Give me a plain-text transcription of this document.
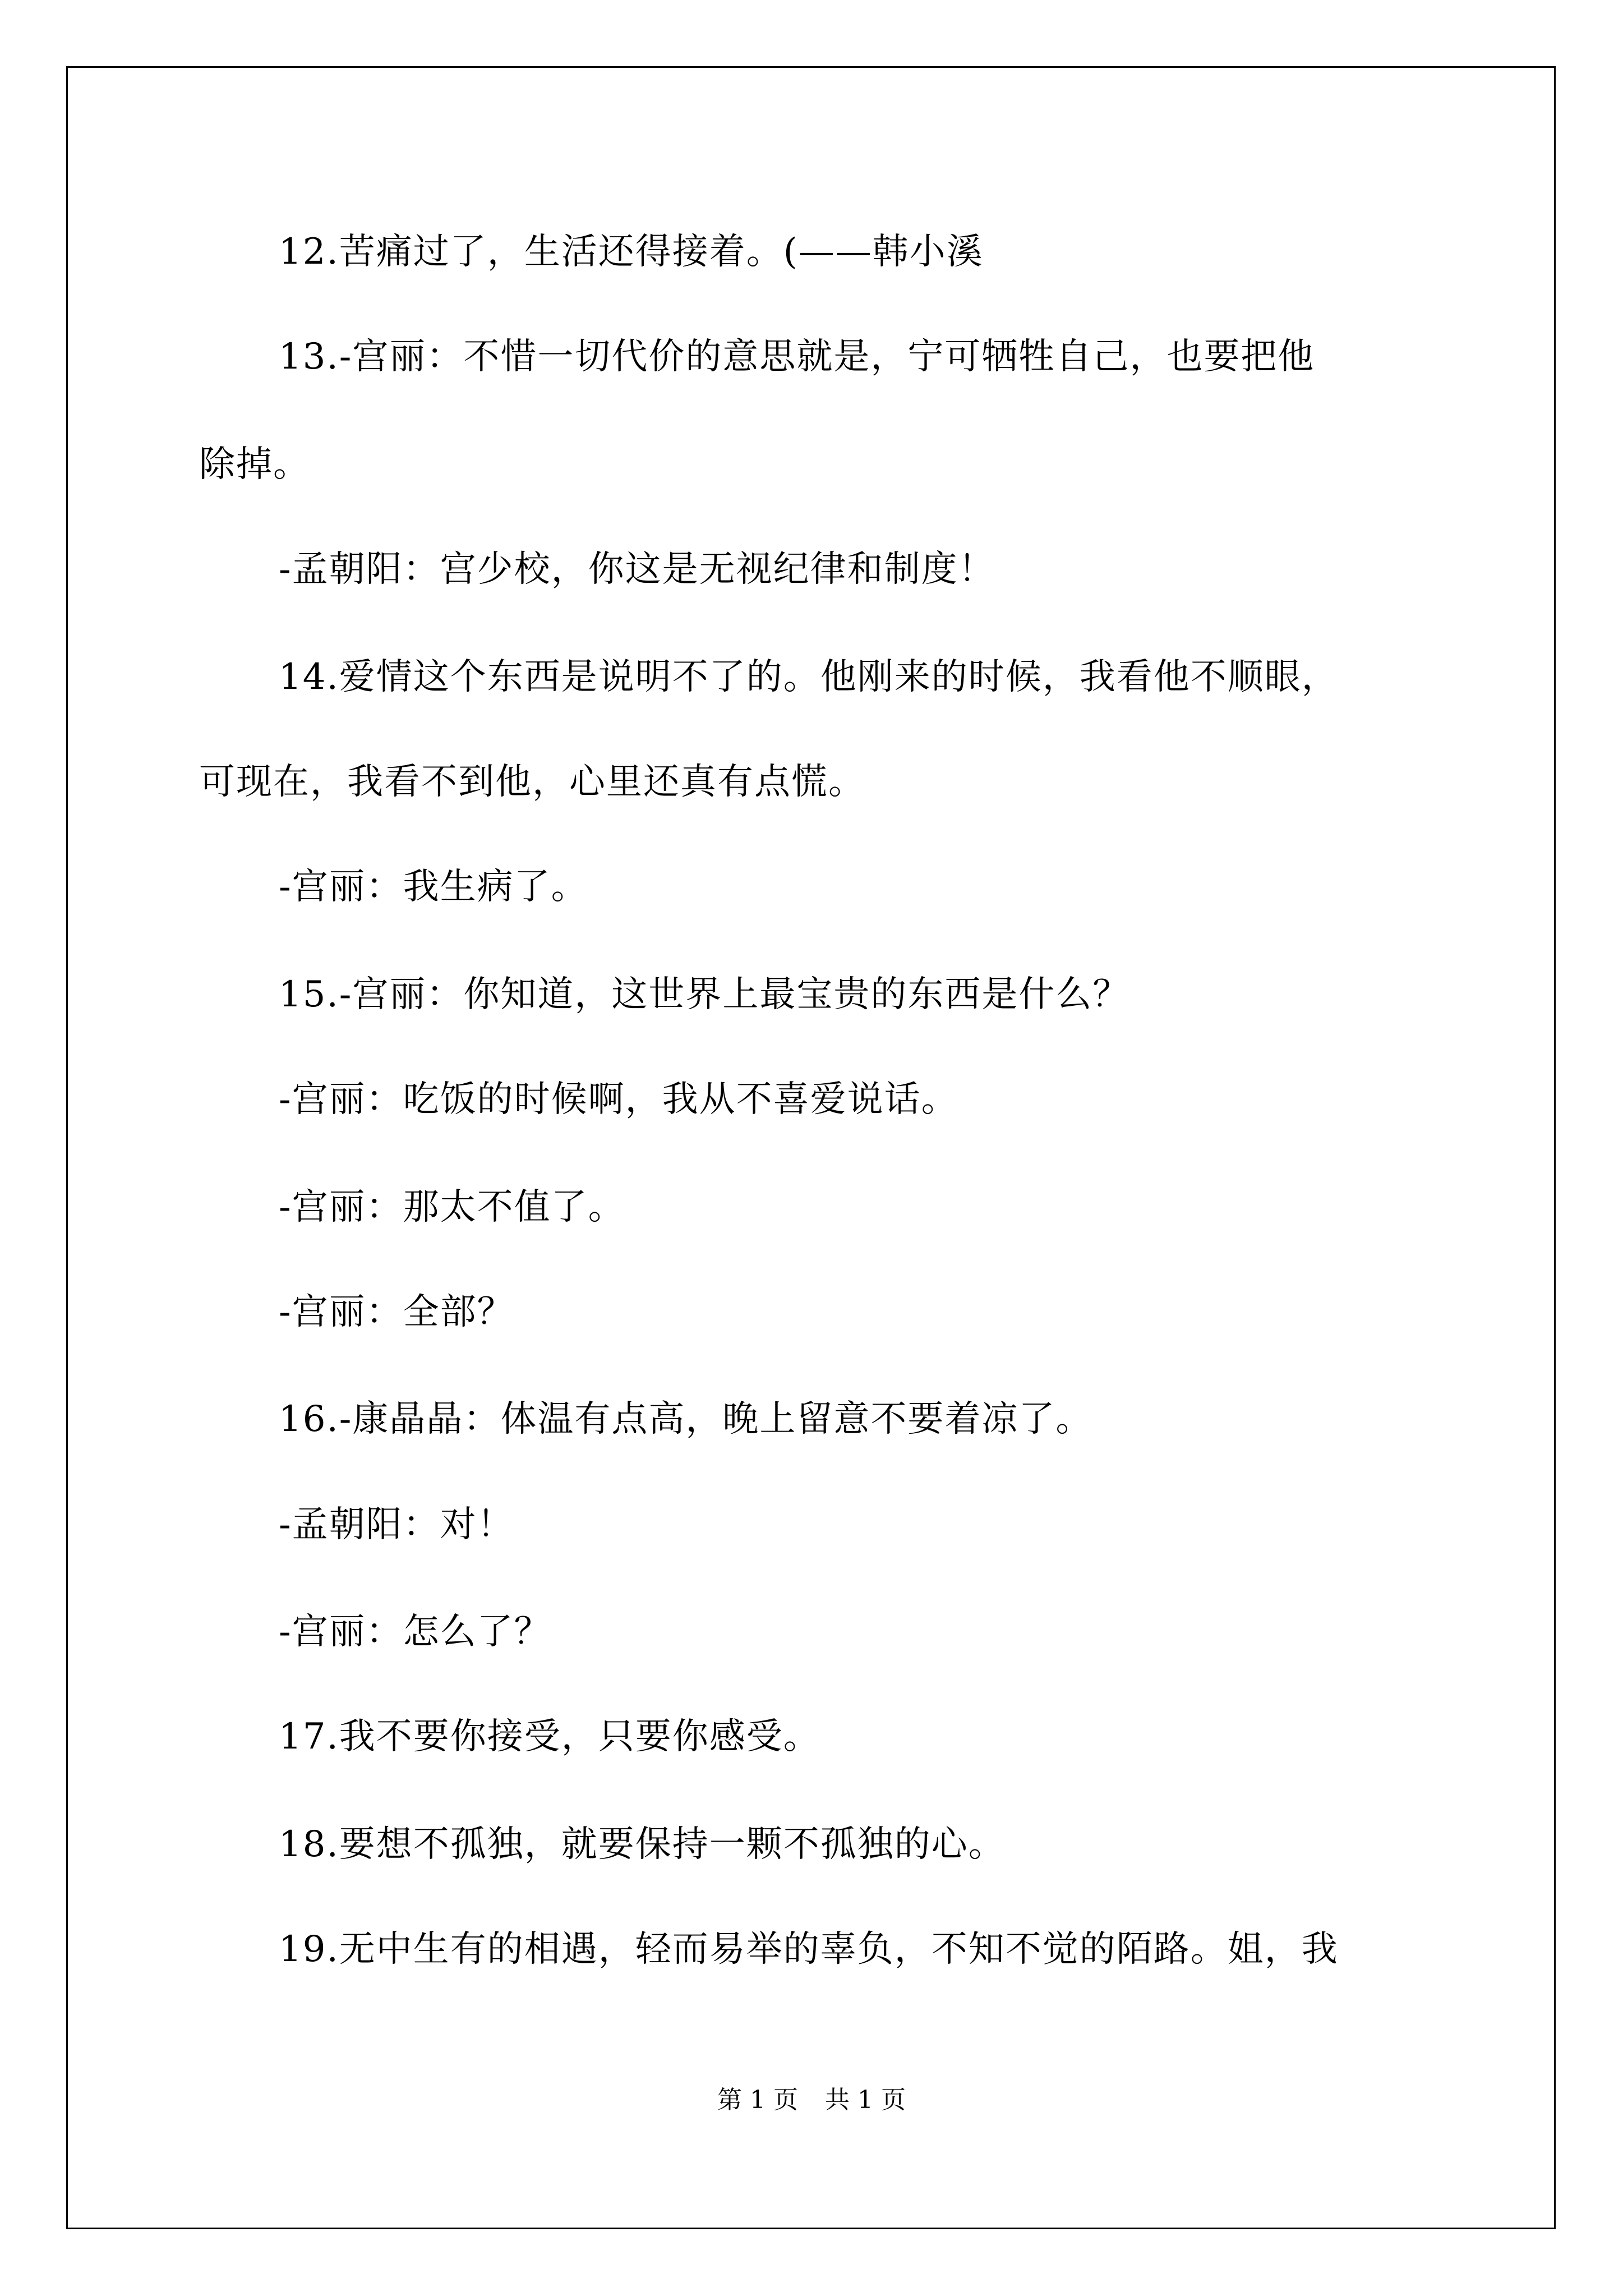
12.苦痛过了，生活还得接着。(——韩小溪
13.-宫丽：不惜一切代价的意思就是，宁可牺牲自己，也要把他
除掉。
-孟朝阳：宫少校，你这是无视纪律和制度！
14.爱情这个东西是说明不了的。他刚来的时候，我看他不顺眼，
可现在，我看不到他，心里还真有点慌。
-宫丽：我生病了。
15.-宫丽：你知道，这世界上最宝贵的东西是什么？
-宫丽：吃饭的时候啊，我从不喜爱说话。
-宫丽：那太不值了。
-宫丽：全部？
16.-康晶晶：体温有点高，晚上留意不要着凉了。
-孟朝阳：对！
-宫丽：怎么了？
17.我不要你接受，只要你感受。
18.要想不孤独，就要保持一颗不孤独的心。
19.无中生有的相遇，轻而易举的辜负，不知不觉的陌路。姐，我
第 1 页 共 1 页
